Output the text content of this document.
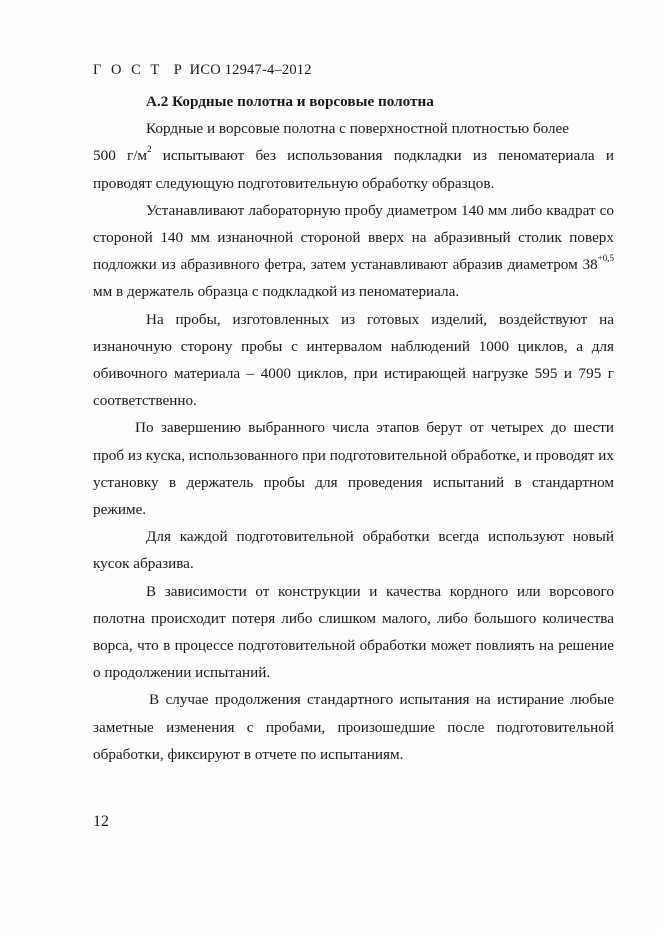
Г О С Т Р ИСО 12947-4–2012

А.2 Кордные полотна и ворсовые полотна

Кордные и ворсовые полотна с поверхностной плотностью более

500 $г/м^2$ испытывают без использования подкладки из пеноматериала и проводят следующую подготовительную обработку образцов.

Устанавливают лабораторную пробу диаметром 140 мм либо квадрат со стороной 140 мм изнаночной стороной вверх на абразивный столик поверх подложки из абразивного фетра, затем устанавливают абразив диаметром $38^{+0,5}$ мм в держатель образца с подкладкой из пеноматериала.

На пробы, изготовленных из готовых изделий, воздействуют на изнаночную сторону пробы с интервалом наблюдений 1000 циклов, а для обивочного материала – 4000 циклов, при истирающей нагрузке 595 и 795 г соответственно.

По завершению выбранного числа этапов берут от четырех до шести проб из куска, использованного при подготовительной обработке, и проводят их установку в держатель пробы для проведения испытаний в стандартном режиме.

Для каждой подготовительной обработки всегда используют новый кусок абразива.

В зависимости от конструкции и качества кордного или ворсового полотна происходит потеря либо слишком малого, либо большого количества ворса, что в процессе подготовительной обработки может повлиять на решение о продолжении испытаний.

В случае продолжения стандартного испытания на истирание любые заметные изменения с пробами, произошедшие после подготовительной обработки, фиксируют в отчете по испытаниям.

12
